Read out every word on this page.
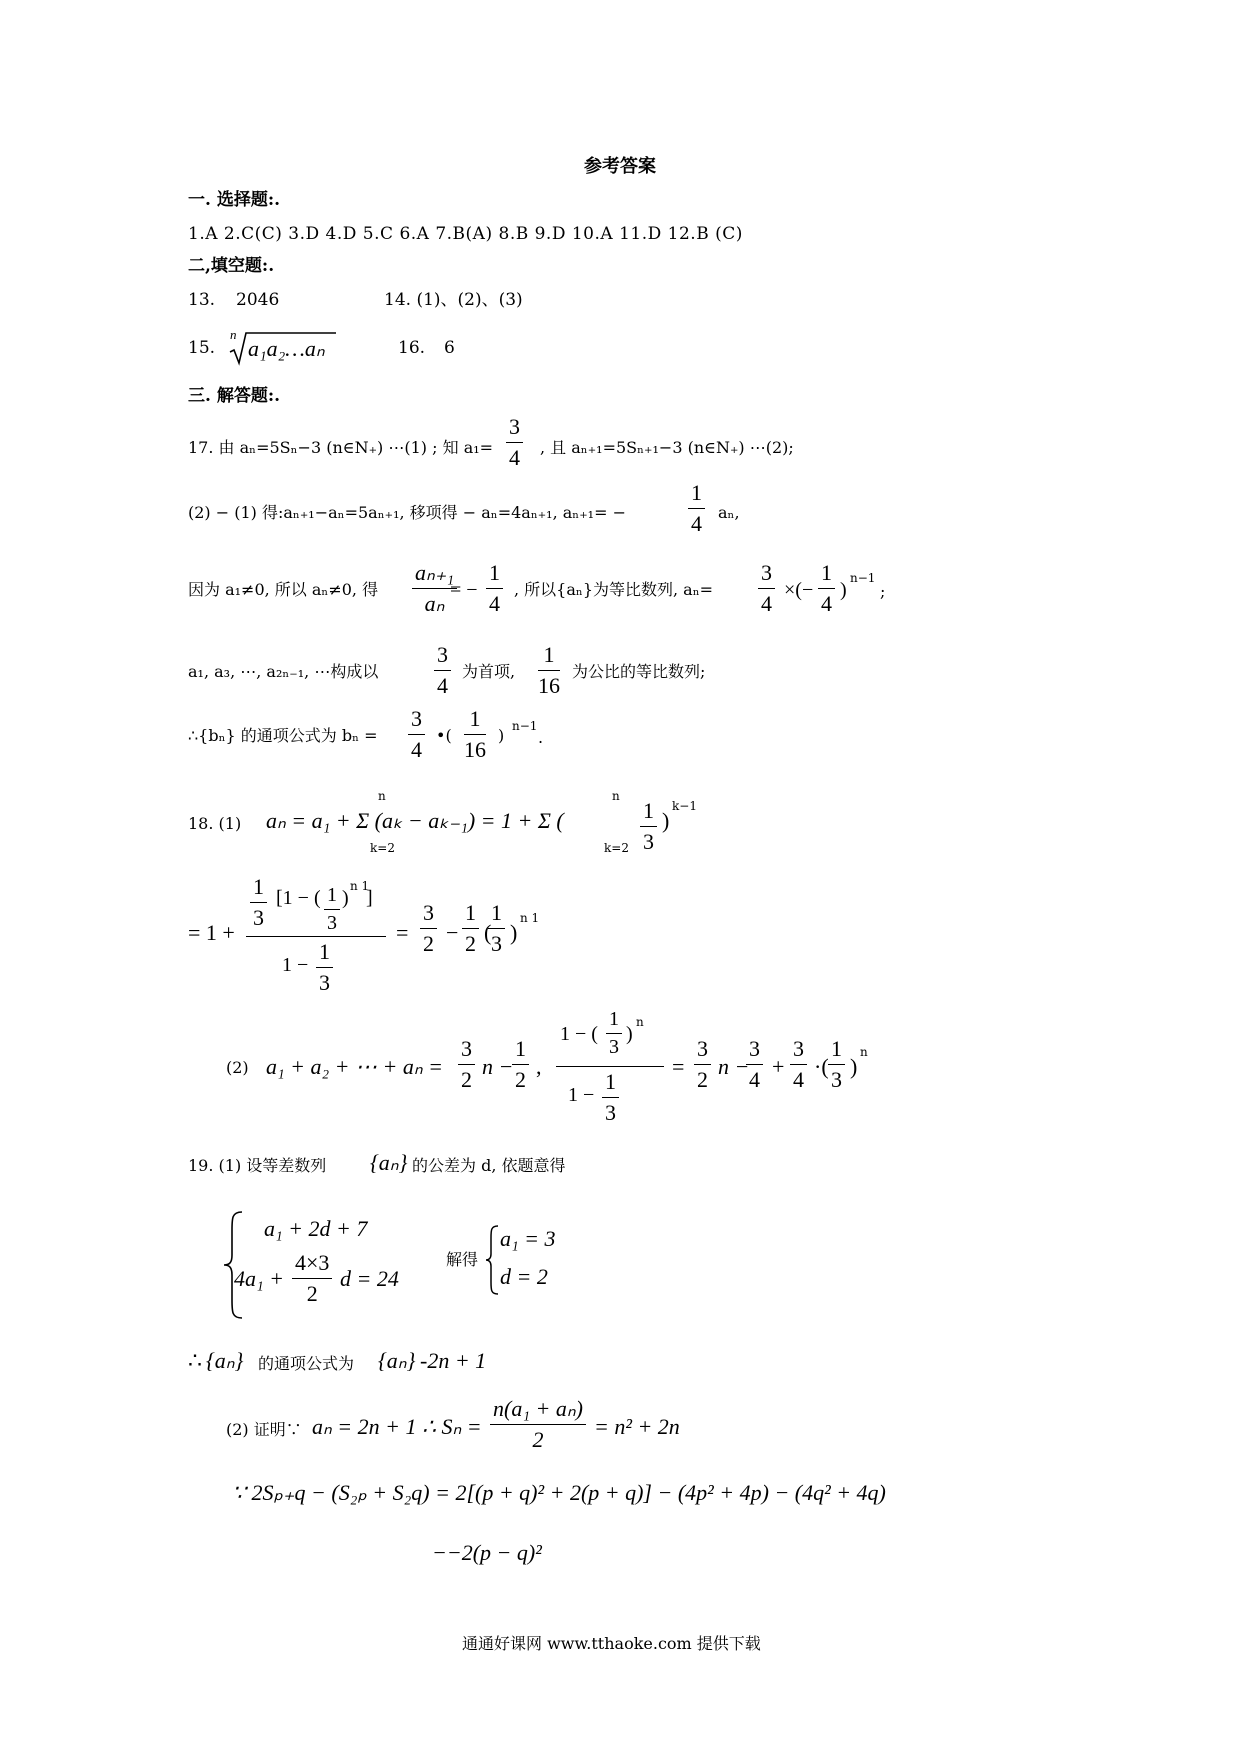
参考答案
一. 选择题:.
1.A 2.C(C) 3.D 4.D 5.C 6.A 7.B(A) 8.B 9.D 10.A 11.D 12.B (C)
二,填空题:.
13. 2046	14. (1)、(2)、(3)
15.
n
a₁a₂…aₙ	16. 6
三. 解答题:.
17. 由 aₙ=5Sₙ−3 (n∈N₊) ⋯(1) ; 知 a₁=
3
4 , 且 aₙ₊₁=5Sₙ₊₁−3 (n∈N₊) ⋯(2);
(2) − (1) 得:aₙ₊₁−aₙ=5aₙ₊₁, 移项得 − aₙ=4aₙ₊₁, aₙ₊₁= −
1
4 aₙ,
因为 a₁≠0, 所以 aₙ≠0, 得
aₙ₊₁
aₙ
= −
1
4
, 所以{aₙ}为等比数列, aₙ=
3
4
×(−
1
4
)
n−1
;
a₁, a₃, ⋯, a₂ₙ₋₁, ⋯构成以
3
4
为首项,
1
16
为公比的等比数列;
∴{bₙ} 的通项公式为 bₙ =
3
4
•(
1
16
) n−1
.
18. (1) aₙ = a₁ + Σ (aₖ − aₖ₋₁) = 1 + Σ (
n
k=2
n
k=2
1
3
)
k−1
= 1 +
1
3
[1 − ( 1
3
)
n 1
]
1 −
1
3
=
3
2 −
1
2 (
1
3 )
n 1
(2) a₁ + a₂ + ⋯ + aₙ =
3
2
n −
1
2
,
1 − (
1
3
)
n
1 −
1
3
=
3
2
n −
3
4
+
3
4
·(
1
3
)
n
19. (1) 设等差数列 {aₙ} 的公差为 d, 依题意得
a₁ + 2d + 7
4a₁ +
4×3
2
d = 24
解得
a₁ = 3
d = 2
∴ {aₙ} 的通项公式为 {aₙ} -2n + 1
(2) 证明∵ aₙ = 2n + 1 ∴ Sₙ =
n(a₁ + aₙ)
2
= n² + 2n
∵ 2Sₚ₊q − (S₂ₚ + S₂q) = 2[(p + q)² + 2(p + q)] − (4p² + 4p) − (4q² + 4q)
−−2(p − q)²
通通好课网 www.tthaoke.com 提供下载
